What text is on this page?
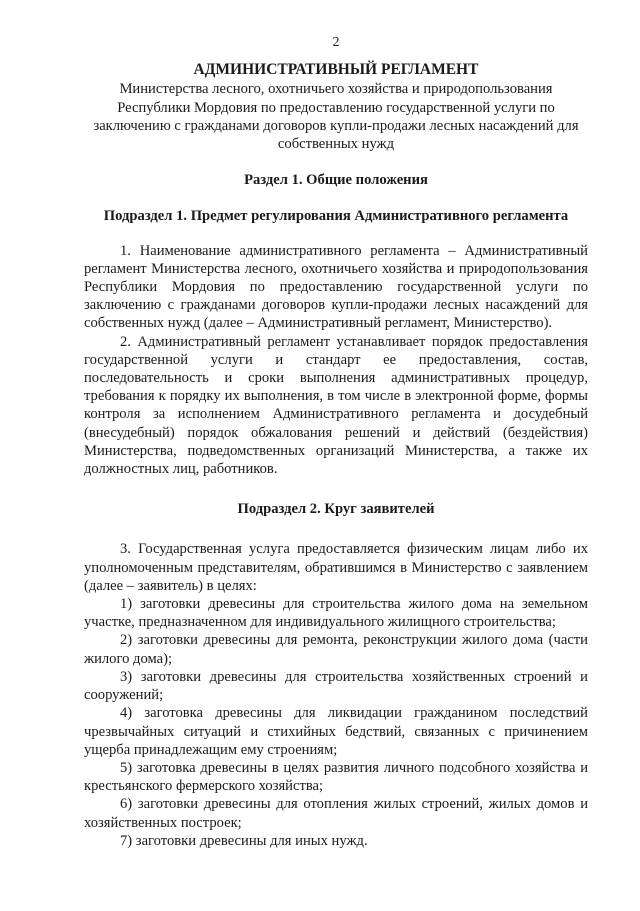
2
АДМИНИСТРАТИВНЫЙ РЕГЛАМЕНТ
Министерства лесного, охотничьего хозяйства и природопользования Республики Мордовия по предоставлению государственной услуги по заключению с гражданами договоров купли-продажи лесных насаждений для собственных нужд
Раздел 1. Общие положения
Подраздел 1. Предмет регулирования Административного регламента
1. Наименование административного регламента – Административный регламент Министерства лесного, охотничьего хозяйства и природопользования Республики Мордовия по предоставлению государственной услуги по заключению с гражданами договоров купли-продажи лесных насаждений для собственных нужд (далее – Административный регламент, Министерство).
2. Административный регламент устанавливает порядок предоставления государственной услуги и стандарт ее предоставления, состав, последовательность и сроки выполнения административных процедур, требования к порядку их выполнения, в том числе в электронной форме, формы контроля за исполнением Административного регламента и досудебный (внесудебный) порядок обжалования решений и действий (бездействия) Министерства, подведомственных организаций Министерства, а также их должностных лиц, работников.
Подраздел 2. Круг заявителей
3. Государственная услуга предоставляется физическим лицам либо их уполномоченным представителям, обратившимся в Министерство с заявлением (далее – заявитель) в целях:
1) заготовки древесины для строительства жилого дома на земельном участке, предназначенном для индивидуального жилищного строительства;
2) заготовки древесины для ремонта, реконструкции жилого дома (части жилого дома);
3) заготовки древесины для строительства хозяйственных строений и сооружений;
4) заготовка древесины для ликвидации гражданином последствий чрезвычайных ситуаций и стихийных бедствий, связанных с причинением ущерба принадлежащим ему строениям;
5) заготовка древесины в целях развития личного подсобного хозяйства и крестьянского фермерского хозяйства;
6) заготовки древесины для отопления жилых строений, жилых домов и хозяйственных построек;
7) заготовки древесины для иных нужд.
